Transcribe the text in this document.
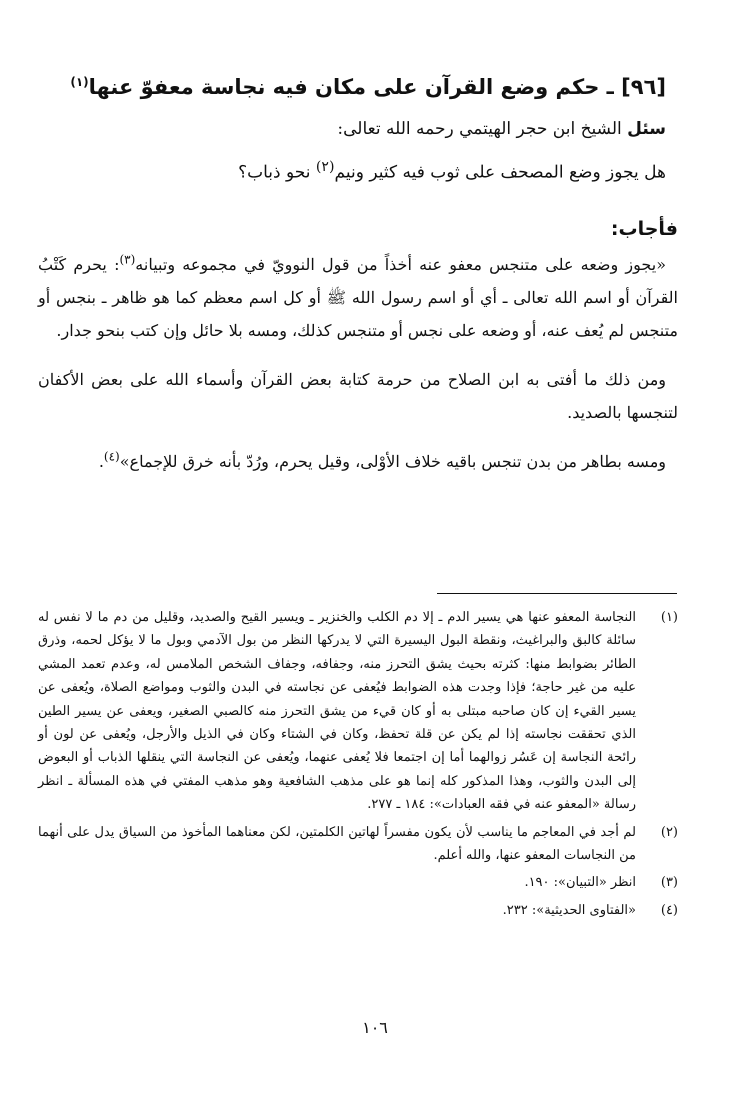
[٩٦] ـ حكم وضع القرآن على مكان فيه نجاسة معفوّ عنها$^{(١)}$
سئل الشيخ ابن حجر الهيتمي رحمه الله تعالى:
هل يجوز وضع المصحف على ثوب فيه كثير ونيم$^{(٢)}$ نحو ذباب؟
فأجاب:

«يجوز وضعه على متنجس معفو عنه أخذاً من قول النوويّ في مجموعه وتبيانه$^{(٣)}$: يحرم كَتْبُ القرآن أو اسم الله تعالى ـ أي أو اسم رسول الله ﷺ أو كل اسم معظم كما هو ظاهر ـ بنجس أو متنجس لم يُعف عنه، أو وضعه على نجس أو متنجس كذلك، ومسه بلا حائل وإن كتب بنحو جدار.

ومن ذلك ما أفتى به ابن الصلاح من حرمة كتابة بعض القرآن وأسماء الله على بعض الأكفان لتنجسها بالصديد.

ومسه بطاهر من بدن تنجس باقيه خلاف الأوْلى، وقيل يحرم، ورُدّ بأنه خرق للإجماع»$^{(٤)}$.

(١)
النجاسة المعفو عنها هي يسير الدم ـ إلا دم الكلب والخنزير ـ ويسير القيح والصديد، وقليل من دم ما لا نفس له سائلة كالبق والبراغيث، ونقطة البول اليسيرة التي لا يدركها النظر من بول الآدمي وبول ما لا يؤكل لحمه، وذرق الطائر بضوابط منها: كثرته بحيث يشق التحرز منه، وجفافه، وجفاف الشخص الملامس له، وعدم تعمد المشي عليه من غير حاجة؛ فإذا وجدت هذه الضوابط فيُعفى عن نجاسته في البدن والثوب ومواضع الصلاة، ويُعفى عن يسير القيء إن كان صاحبه مبتلى به أو كان قيء من يشق التحرز منه كالصبي الصغير، ويعفى عن يسير الطين الذي تحققت نجاسته إذا لم يكن عن قلة تحفظ، وكان في الشتاء وكان في الذيل والأرجل، ويُعفى عن لون أو رائحة النجاسة إن عَسُر زوالهما أما إن اجتمعا فلا يُعفى عنهما، ويُعفى عن النجاسة التي ينقلها الذباب أو البعوض إلى البدن والثوب، وهذا المذكور كله إنما هو على مذهب الشافعية وهو مذهب المفتي في هذه المسألة ـ انظر رسالة «المعفو عنه في فقه العبادات»: ١٨٤ ـ ٢٧٧.
(٢)
لم أجد في المعاجم ما يناسب لأن يكون مفسراً لهاتين الكلمتين، لكن معناهما المأخوذ من السياق يدل على أنهما من النجاسات المعفو عنها، والله أعلم.
(٣)
انظر «التبيان»: ١٩٠.
(٤)
«الفتاوى الحديثية»: ٢٣٢.
١٠٦
